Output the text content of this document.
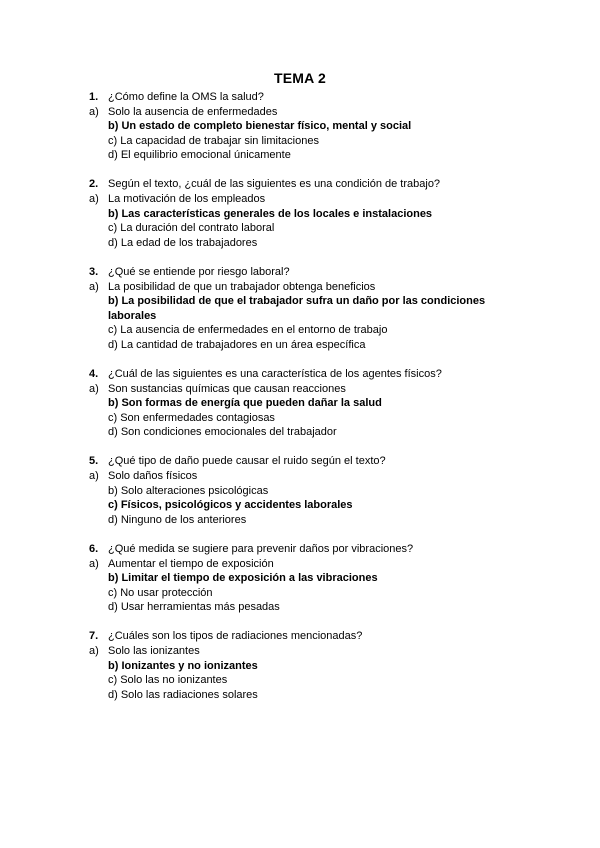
TEMA 2
1. ¿Cómo define la OMS la salud?
a) Solo la ausencia de enfermedades
b) Un estado de completo bienestar físico, mental y social
c) La capacidad de trabajar sin limitaciones
d) El equilibrio emocional únicamente
2. Según el texto, ¿cuál de las siguientes es una condición de trabajo?
a) La motivación de los empleados
b) Las características generales de los locales e instalaciones
c) La duración del contrato laboral
d) La edad de los trabajadores
3. ¿Qué se entiende por riesgo laboral?
a) La posibilidad de que un trabajador obtenga beneficios
b) La posibilidad de que el trabajador sufra un daño por las condiciones laborales
c) La ausencia de enfermedades en el entorno de trabajo
d) La cantidad de trabajadores en un área específica
4. ¿Cuál de las siguientes es una característica de los agentes físicos?
a) Son sustancias químicas que causan reacciones
b) Son formas de energía que pueden dañar la salud
c) Son enfermedades contagiosas
d) Son condiciones emocionales del trabajador
5. ¿Qué tipo de daño puede causar el ruido según el texto?
a) Solo daños físicos
b) Solo alteraciones psicológicas
c) Físicos, psicológicos y accidentes laborales
d) Ninguno de los anteriores
6. ¿Qué medida se sugiere para prevenir daños por vibraciones?
a) Aumentar el tiempo de exposición
b) Limitar el tiempo de exposición a las vibraciones
c) No usar protección
d) Usar herramientas más pesadas
7. ¿Cuáles son los tipos de radiaciones mencionadas?
a) Solo las ionizantes
b) Ionizantes y no ionizantes
c) Solo las no ionizantes
d) Solo las radiaciones solares
